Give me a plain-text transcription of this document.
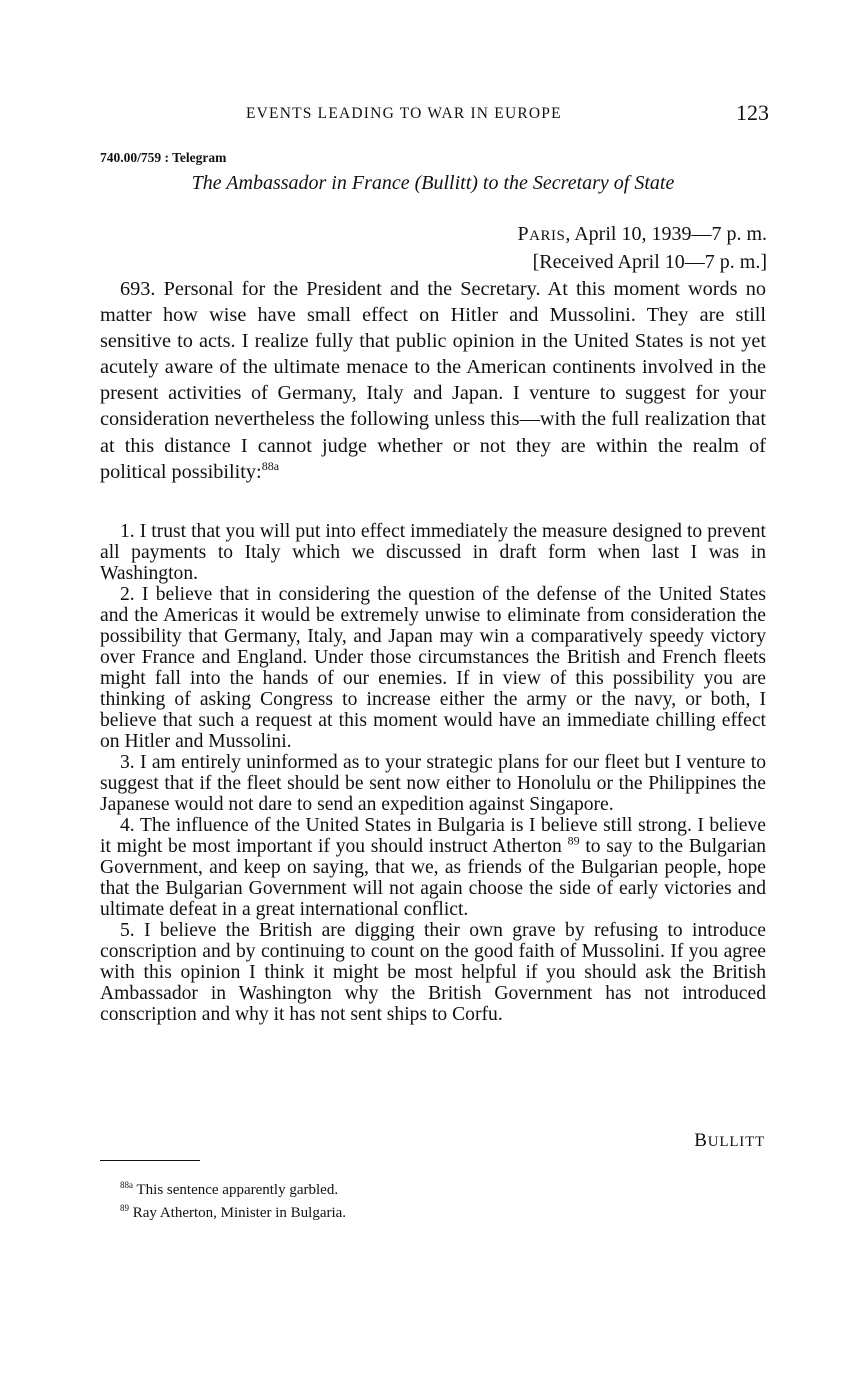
EVENTS LEADING TO WAR IN EUROPE	123
740.00/759 : Telegram
The Ambassador in France (Bullitt) to the Secretary of State
PARIS, April 10, 1939—7 p. m.
[Received April 10—7 p. m.]
693. Personal for the President and the Secretary. At this moment words no matter how wise have small effect on Hitler and Mussolini. They are still sensitive to acts. I realize fully that public opinion in the United States is not yet acutely aware of the ultimate menace to the American continents involved in the present activities of Germany, Italy and Japan. I venture to suggest for your consideration nevertheless the following unless this—with the full realization that at this distance I cannot judge whether or not they are within the realm of political possibility:$^{88a}$

1. I trust that you will put into effect immediately the measure designed to prevent all payments to Italy which we discussed in draft form when last I was in Washington.

2. I believe that in considering the question of the defense of the United States and the Americas it would be extremely unwise to eliminate from consideration the possibility that Germany, Italy, and Japan may win a comparatively speedy victory over France and England. Under those circumstances the British and French fleets might fall into the hands of our enemies. If in view of this possibility you are thinking of asking Congress to increase either the army or the navy, or both, I believe that such a request at this moment would have an immediate chilling effect on Hitler and Mussolini.

3. I am entirely uninformed as to your strategic plans for our fleet but I venture to suggest that if the fleet should be sent now either to Honolulu or the Philippines the Japanese would not dare to send an expedition against Singapore.

4. The influence of the United States in Bulgaria is I believe still strong. I believe it might be most important if you should instruct Atherton $^{89}$ to say to the Bulgarian Government, and keep on saying, that we, as friends of the Bulgarian people, hope that the Bulgarian Government will not again choose the side of early victories and ultimate defeat in a great international conflict.

5. I believe the British are digging their own grave by refusing to introduce conscription and by continuing to count on the good faith of Mussolini. If you agree with this opinion I think it might be most helpful if you should ask the British Ambassador in Washington why the British Government has not introduced conscription and why it has not sent ships to Corfu.

BULLITT

$^{88a}$ This sentence apparently garbled.

$^{89}$ Ray Atherton, Minister in Bulgaria.
